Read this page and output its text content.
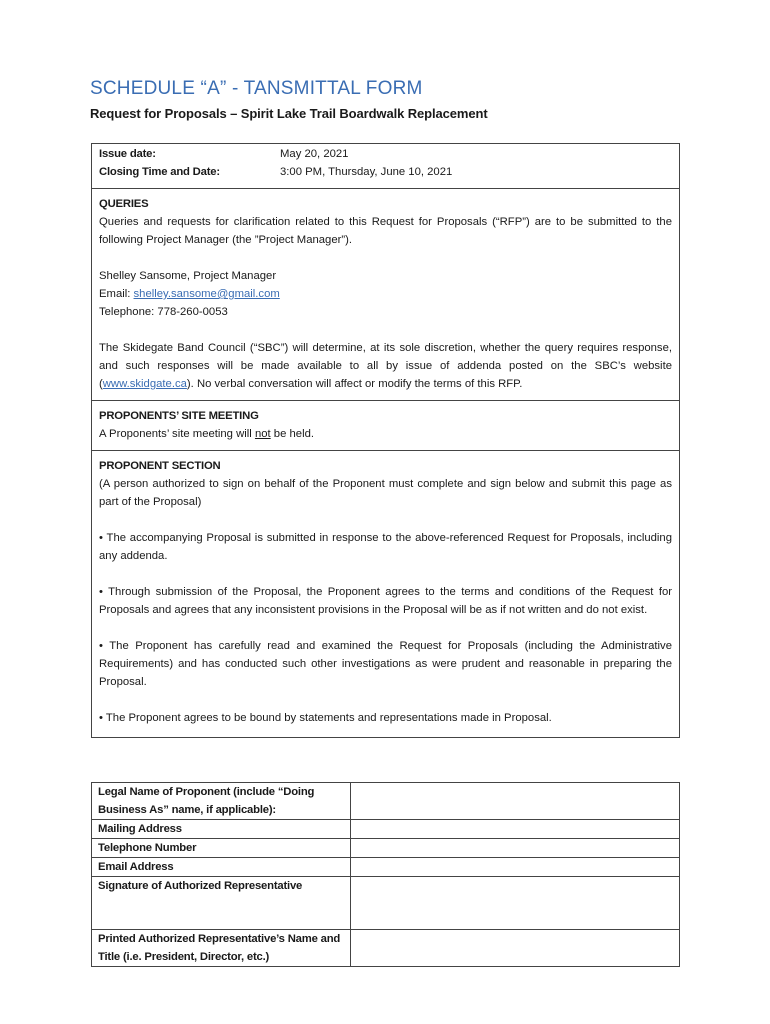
SCHEDULE “A” - TANSMITTAL FORM
Request for Proposals – Spirit Lake Trail Boardwalk Replacement
Issue date:	May 20, 2021
Closing Time and Date:	3:00 PM, Thursday, June 10, 2021
QUERIES
Queries and requests for clarification related to this Request for Proposals (“RFP”) are to be submitted to the following Project Manager (the ”Project Manager”).
Shelley Sansome, Project Manager
Email: shelley.sansome@gmail.com
Telephone: 778-260-0053
The Skidegate Band Council (“SBC”) will determine, at its sole discretion, whether the query requires response, and such responses will be made available to all by issue of addenda posted on the SBC’s website (www.skidgate.ca). No verbal conversation will affect or modify the terms of this RFP.
PROPONENTS’ SITE MEETING
A Proponents’ site meeting will not be held.
PROPONENT SECTION
(A person authorized to sign on behalf of the Proponent must complete and sign below and submit this page as part of the Proposal)
• The accompanying Proposal is submitted in response to the above-referenced Request for Proposals, including any addenda.
• Through submission of the Proposal, the Proponent agrees to the terms and conditions of the Request for Proposals and agrees that any inconsistent provisions in the Proposal will be as if not written and do not exist.
• The Proponent has carefully read and examined the Request for Proposals (including the Administrative Requirements) and has conducted such other investigations as were prudent and reasonable in preparing the Proposal.
• The Proponent agrees to be bound by statements and representations made in Proposal.
Legal Name of Proponent (include “Doing Business As” name, if applicable):	
Mailing Address	
Telephone Number	
Email Address	
Signature of Authorized Representative	
Printed Authorized Representative’s Name and Title (i.e. President, Director, etc.)	
